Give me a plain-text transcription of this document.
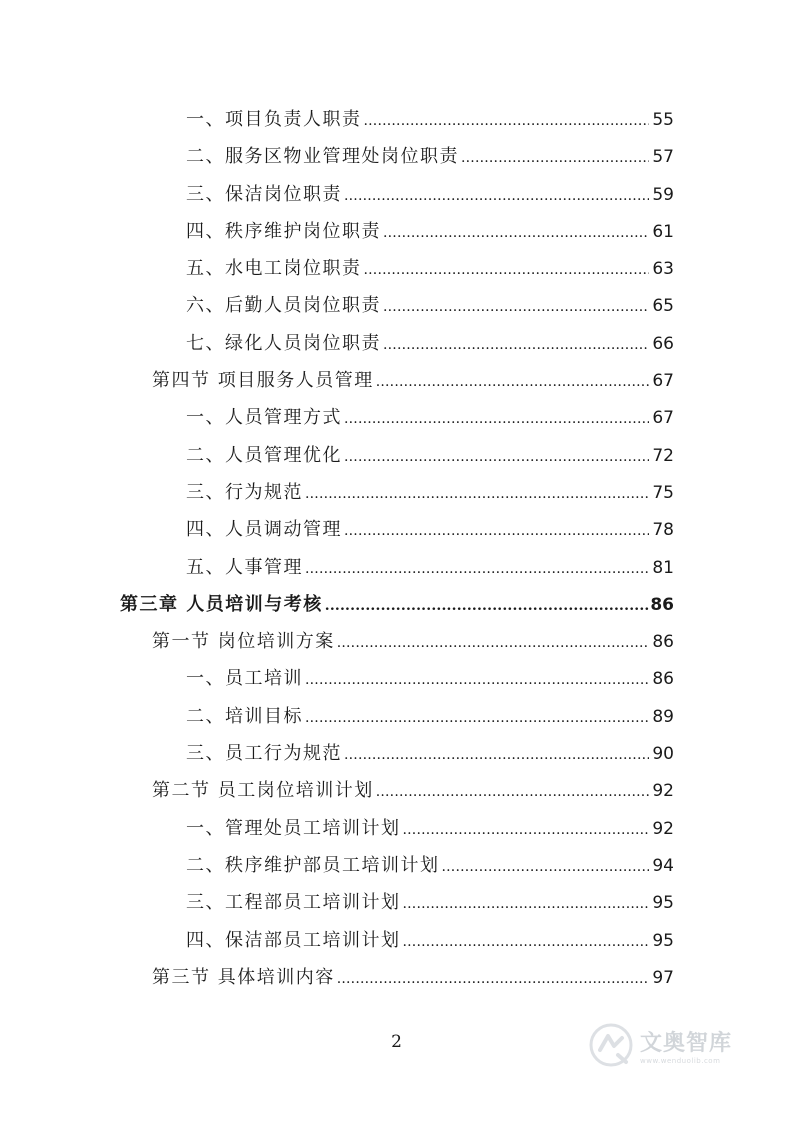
一、项目负责人职责 .....	55
二、服务区物业管理处岗位职责 .....	57
三、保洁岗位职责 .....	59
四、秩序维护岗位职责 .....	61
五、水电工岗位职责 .....	63
六、后勤人员岗位职责 .....	65
七、绿化人员岗位职责 .....	66
第四节 项目服务人员管理 .....	67
一、人员管理方式 .....	67
二、人员管理优化 .....	72
三、行为规范 .....	75
四、人员调动管理 .....	78
五、人事管理 .....	81
第三章 人员培训与考核 .....	86
第一节 岗位培训方案 .....	86
一、员工培训 .....	86
二、培训目标 .....	89
三、员工行为规范 .....	90
第二节 员工岗位培训计划 .....	92
一、管理处员工培训计划 .....	92
二、秩序维护部员工培训计划 .....	94
三、工程部员工培训计划 .....	95
四、保洁部员工培训计划 .....	95
第三节 具体培训内容 .....	97
2	文奥智库
www.wenduolib.com
